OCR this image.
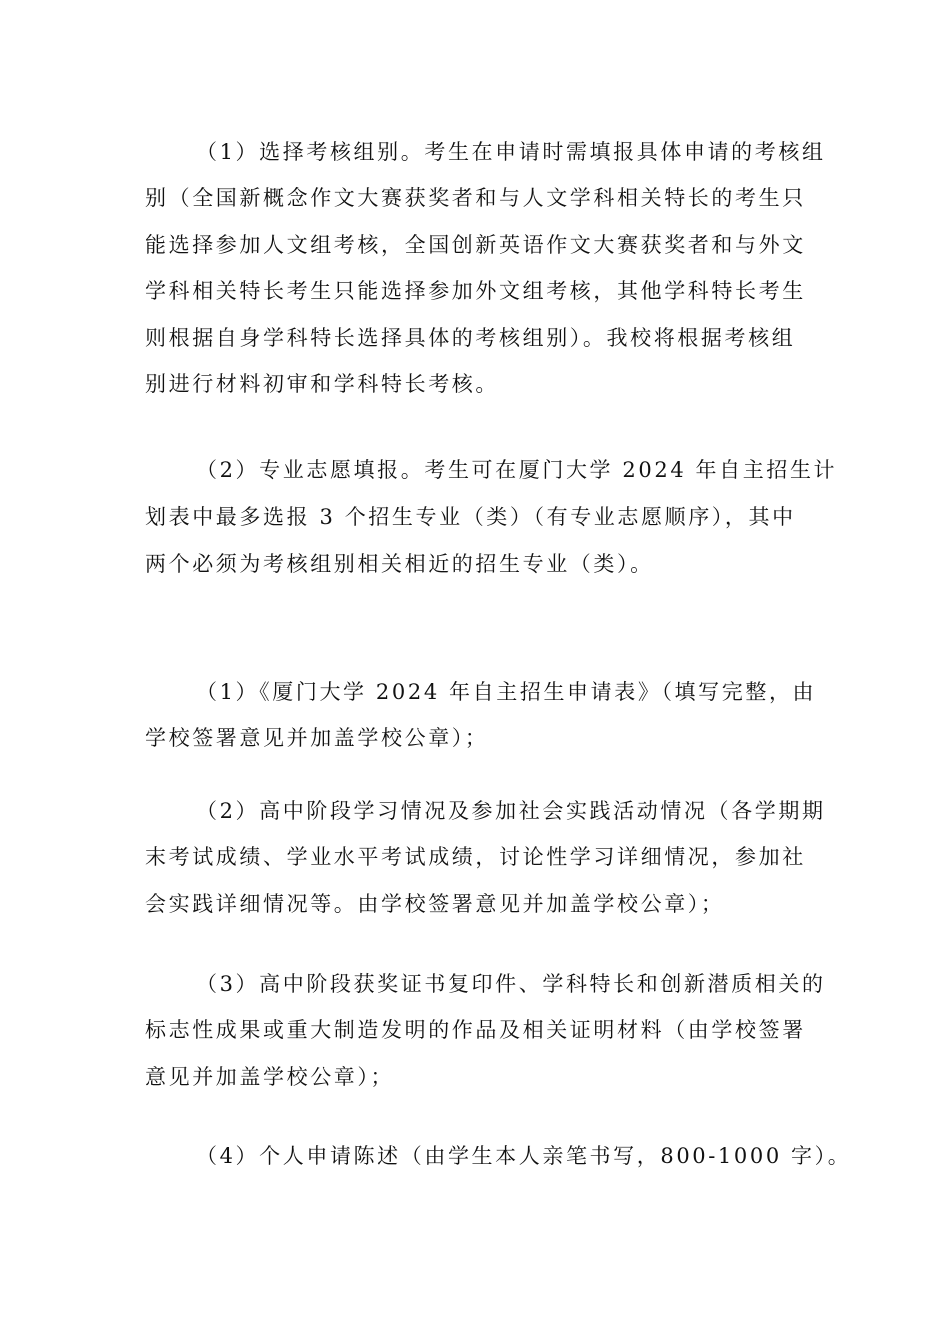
（1）选择考核组别。考生在申请时需填报具体申请的考核组
别（全国新概念作文大赛获奖者和与人文学科相关特长的考生只
能选择参加人文组考核，全国创新英语作文大赛获奖者和与外文
学科相关特长考生只能选择参加外文组考核，其他学科特长考生
则根据自身学科特长选择具体的考核组别）。我校将根据考核组
别进行材料初审和学科特长考核。
（2）专业志愿填报。考生可在厦门大学 2024 年自主招生计
划表中最多选报 3 个招生专业（类）（有专业志愿顺序），其中
两个必须为考核组别相关相近的招生专业（类）。
（1）《厦门大学 2024 年自主招生申请表》（填写完整，由
学校签署意见并加盖学校公章）；
（2）高中阶段学习情况及参加社会实践活动情况（各学期期
末考试成绩、学业水平考试成绩，讨论性学习详细情况，参加社
会实践详细情况等。由学校签署意见并加盖学校公章）；
（3）高中阶段获奖证书复印件、学科特长和创新潜质相关的
标志性成果或重大制造发明的作品及相关证明材料（由学校签署
意见并加盖学校公章）；
（4）个人申请陈述（由学生本人亲笔书写，800-1000 字）。
